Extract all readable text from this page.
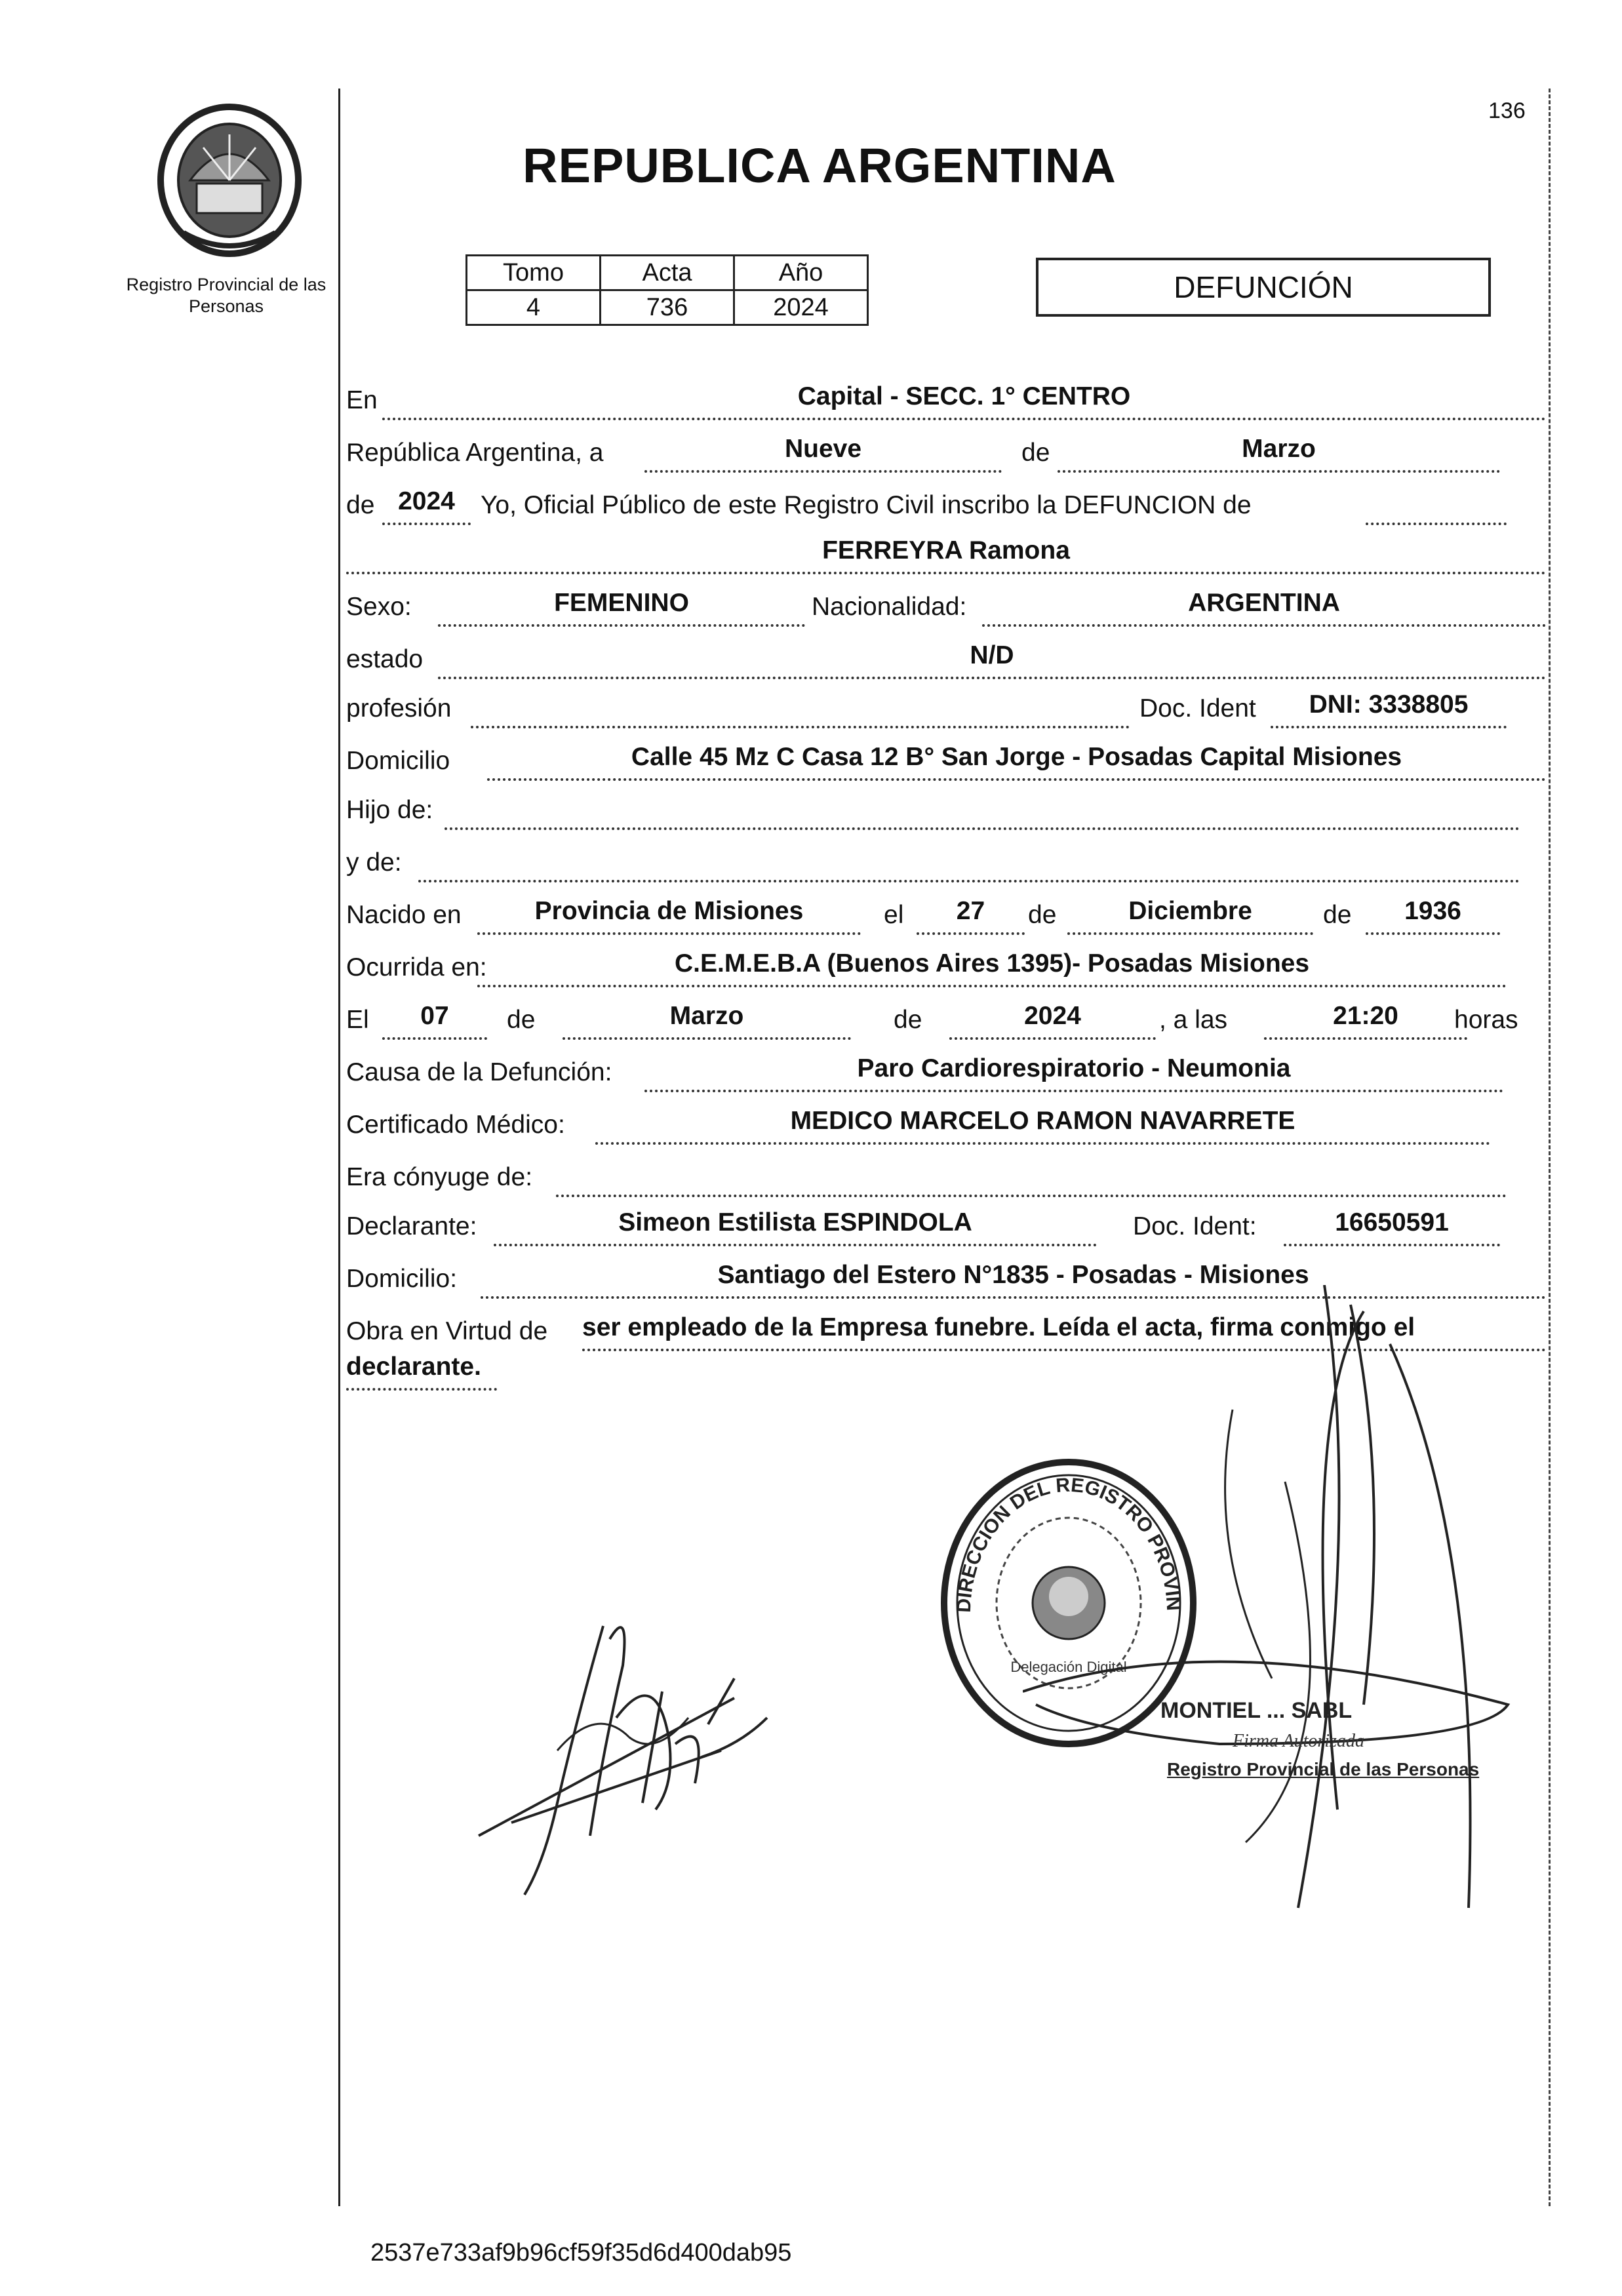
Registro Provincial de las Personas
136
REPUBLICA ARGENTINA
Tomo	Acta	Año
4	736	2024
DEFUNCIÓN
En	Capital - SECC. 1° CENTRO
República Argentina, a	Nueve	de	Marzo
de 2024	Yo, Oficial Público de este Registro Civil inscribo la DEFUNCION de
FERREYRA Ramona
Sexo:	FEMENINO	Nacionalidad:	ARGENTINA
estado	N/D
profesión	Doc. Ident	DNI: 3338805
Domicilio	Calle 45 Mz C Casa 12 B° San Jorge - Posadas Capital Misiones
Hijo de:
y de:
Nacido en	Provincia de Misiones	el	27	de	Diciembre	de	1936
Ocurrida en:	C.E.M.E.B.A (Buenos Aires 1395)- Posadas Misiones
El	07	de	Marzo	de	2024	, a las	21:20	horas
Causa de la Defunción:	Paro Cardiorespiratorio - Neumonia
Certificado Médico:	MEDICO MARCELO RAMON NAVARRETE
Era cónyuge de:
Declarante:	Simeon Estilista ESPINDOLA	Doc. Ident:	16650591
Domicilio:	Santiago del Estero N°1835 - Posadas - Misiones
Obra en Virtud de ser empleado de la Empresa funebre. Leída el acta, firma conmigo el
declarante.
DIRECCION DEL REGISTRO PROVIN
Delegación Digital
MONTIEL ... SABL
Firma Autorizada
Registro Provincial de las Personas
2537e733af9b96cf59f35d6d400dab95
